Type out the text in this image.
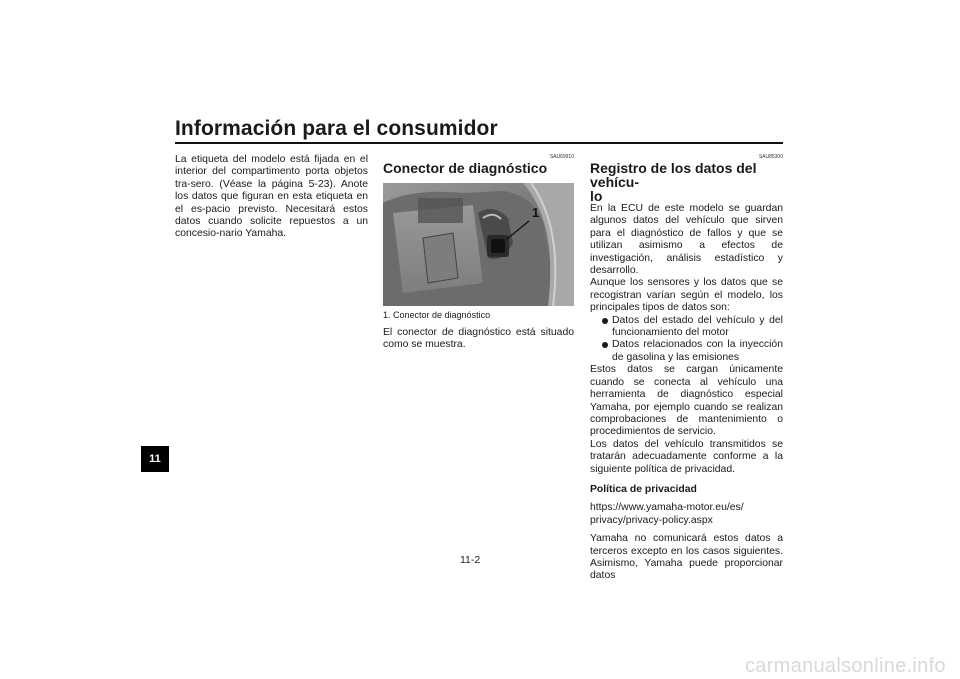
Información para el consumidor
11

La etiqueta del modelo está fijada en el interior del compartimento porta objetos tra-sero. (Véase la página 5-23). Anote los datos que figuran en esta etiqueta en el es-pacio previsto. Necesitará estos datos cuando solicite repuestos a un concesio-nario Yamaha.

SAU69910
Conector de diagnóstico
1
1. Conector de diagnóstico

El conector de diagnóstico está situado como se muestra.

SAU85300
Registro de los datos del vehícu-
lo

En la ECU de este modelo se guardan algunos datos del vehículo que sirven para el diagnóstico de fallos y que se utilizan asimismo a efectos de investigación, análisis estadístico y desarrollo.

Aunque los sensores y los datos que se recogistran varían según el modelo, los principales tipos de datos son:

Datos del estado del vehículo y del funcionamiento del motor
Datos relacionados con la inyección de gasolina y las emisiones

Estos datos se cargan únicamente cuando se conecta al vehículo una herramienta de diagnóstico especial Yamaha, por ejemplo cuando se realizan comprobaciones de mantenimiento o procedimientos de servicio.

Los datos del vehículo transmitidos se tratarán adecuadamente conforme a la siguiente política de privacidad.

Política de privacidad
https://www.yamaha-motor.eu/es/
privacy/privacy-policy.aspx

Yamaha no comunicará estos datos a terceros excepto en los casos siguientes. Asimismo, Yamaha puede proporcionar datos

11-2
carmanualsonline.info
